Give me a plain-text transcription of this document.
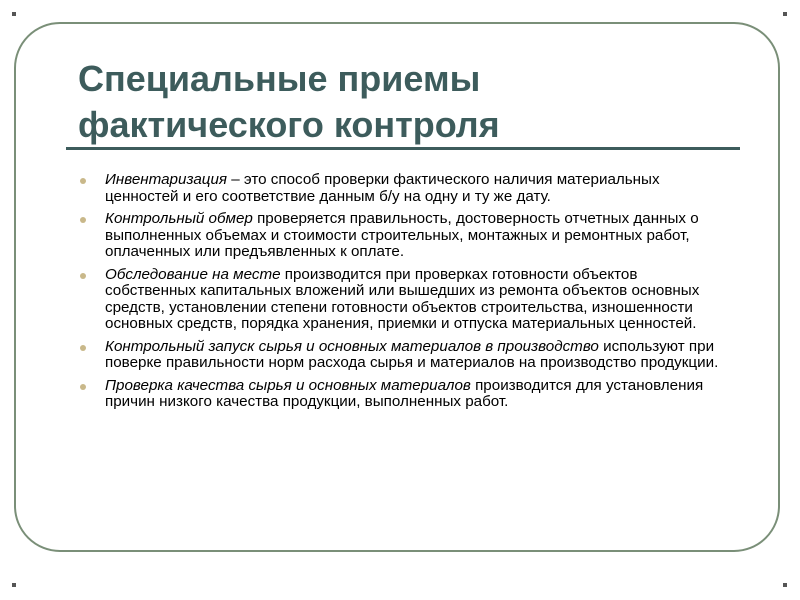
Специальные приемы
фактического контроля
Инвентаризация – это способ проверки фактического наличия материальных ценностей и его соответствие данным б/у на одну и ту же дату.
Контрольный обмер проверяется правильность, достоверность отчетных данных о выполненных объемах и стоимости строительных, монтажных и ремонтных работ, оплаченных или предъявленных к оплате.
Обследование на месте производится при проверках готовности объектов собственных капитальных вложений или вышедших из ремонта объектов основных средств, установлении степени готовности объектов строительства, изношенности основных средств, порядка хранения, приемки и отпуска материальных ценностей.
Контрольный запуск сырья и основных материалов в производство используют при поверке правильности норм расхода сырья и материалов на производство продукции.
Проверка качества сырья и основных материалов производится для установления причин низкого качества продукции, выполненных работ.
